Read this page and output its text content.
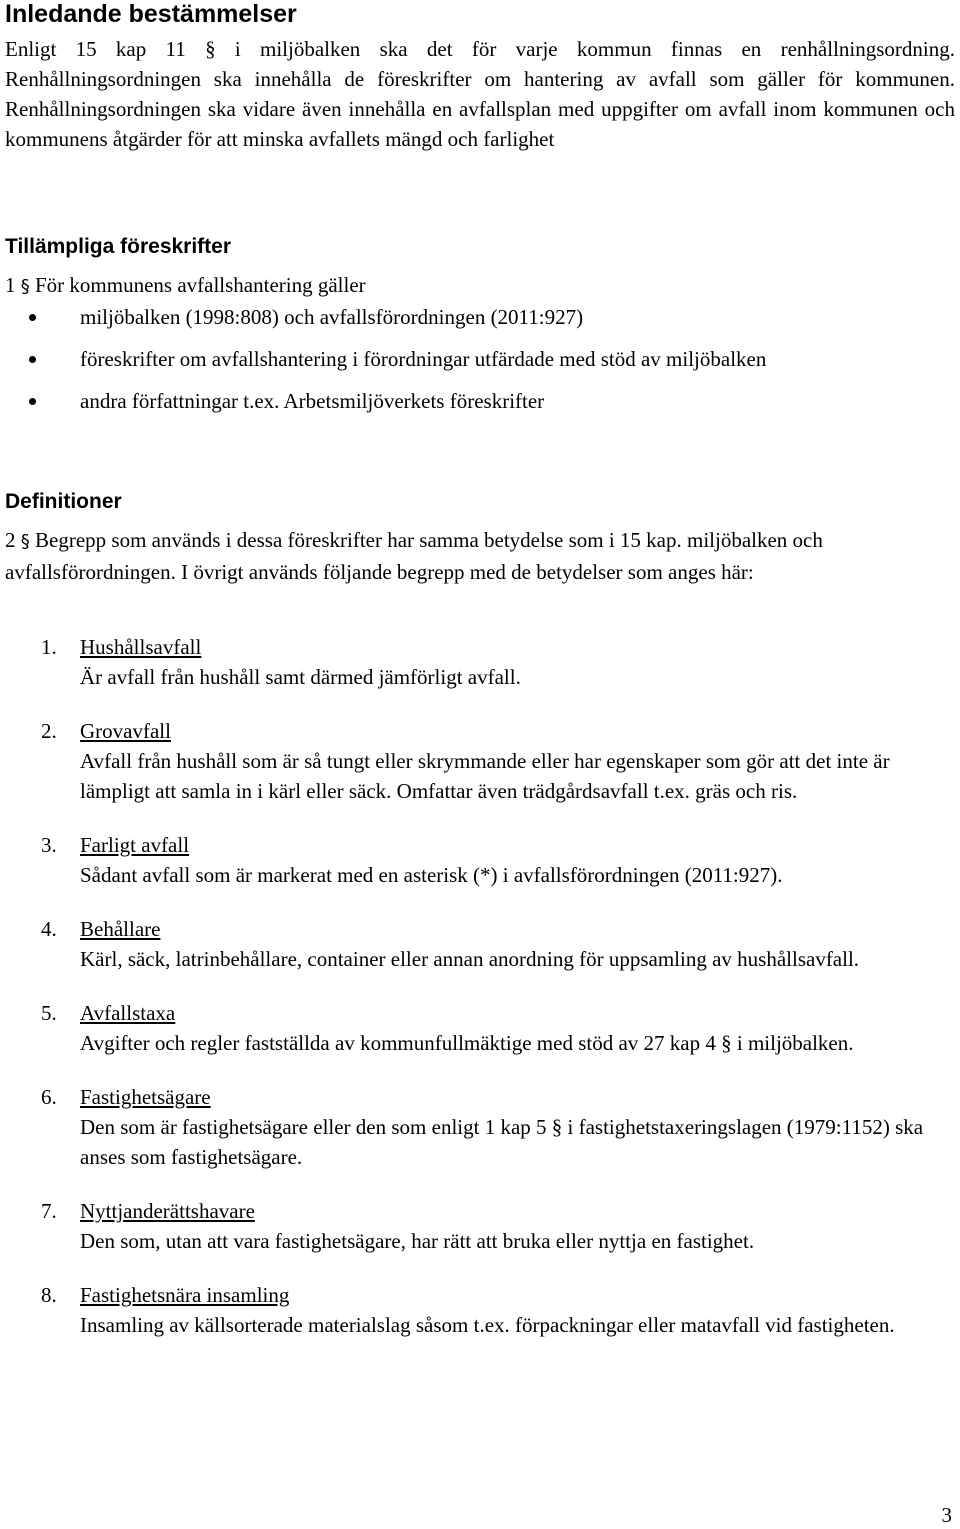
Inledande bestämmelser

Enligt 15 kap 11 § i miljöbalken ska det för varje kommun finnas en renhållningsordning. Renhållningsordningen ska innehålla de föreskrifter om hantering av avfall som gäller för kommunen. Renhållningsordningen ska vidare även innehålla en avfallsplan med uppgifter om avfall inom kommunen och kommunens åtgärder för att minska avfallets mängd och farlighet

Tillämpliga föreskrifter
1 § För kommunens avfallshantering gäller
miljöbalken (1998:808) och avfallsförordningen (2011:927)
föreskrifter om avfallshantering i förordningar utfärdade med stöd av miljöbalken
andra författningar t.ex. Arbetsmiljöverkets föreskrifter
Definitioner
2 § Begrepp som används i dessa föreskrifter har samma betydelse som i 15 kap. miljöbalken och avfallsförordningen. I övrigt används följande begrepp med de betydelser som anges här:
1. Hushållsavfall
Är avfall från hushåll samt därmed jämförligt avfall.
2. Grovavfall
Avfall från hushåll som är så tungt eller skrymmande eller har egenskaper som gör att det inte är lämpligt att samla in i kärl eller säck. Omfattar även trädgårdsavfall t.ex. gräs och ris.
3. Farligt avfall
Sådant avfall som är markerat med en asterisk (*) i avfallsförordningen (2011:927).
4. Behållare
Kärl, säck, latrinbehållare, container eller annan anordning för uppsamling av hushållsavfall.
5. Avfallstaxa
Avgifter och regler fastställda av kommunfullmäktige med stöd av 27 kap 4 § i miljöbalken.
6. Fastighetsägare
Den som är fastighetsägare eller den som enligt 1 kap 5 § i fastighetstaxeringslagen (1979:1152) ska anses som fastighetsägare.
7. Nyttjanderättshavare
Den som, utan att vara fastighetsägare, har rätt att bruka eller nyttja en fastighet.
8. Fastighetsnära insamling
Insamling av källsorterade materialslag såsom t.ex. förpackningar eller matavfall vid fastigheten.
3
